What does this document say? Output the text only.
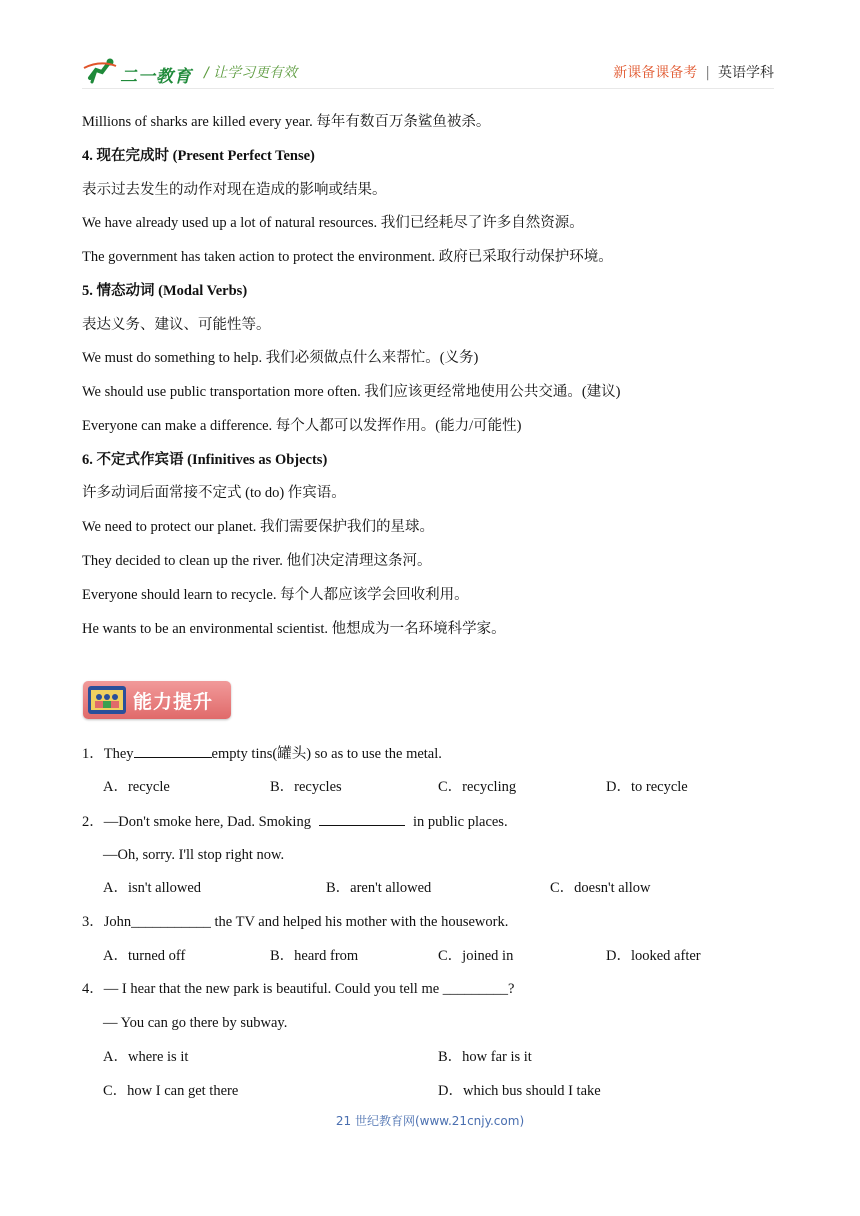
二一教育 / 让学习更有效	新课备课备考 | 英语学科
Millions of sharks are killed every year. 每年有数百万条鲨鱼被杀。
4. 现在完成时 (Present Perfect Tense)
表示过去发生的动作对现在造成的影响或结果。
We have already used up a lot of natural resources. 我们已经耗尽了许多自然资源。
The government has taken action to protect the environment. 政府已采取行动保护环境。
5. 情态动词 (Modal Verbs)
表达义务、建议、可能性等。
We must do something to help. 我们必须做点什么来帮忙。(义务)
We should use public transportation more often. 我们应该更经常地使用公共交通。(建议)
Everyone can make a difference. 每个人都可以发挥作用。(能力/可能性)
6. 不定式作宾语 (Infinitives as Objects)
许多动词后面常接不定式 (to do) 作宾语。
We need to protect our planet. 我们需要保护我们的星球。
They decided to clean up the river. 他们决定清理这条河。
Everyone should learn to recycle. 每个人都应该学会回收利用。
He wants to be an environmental scientist. 他想成为一名环境科学家。
能力提升
1．They	empty tins(罐头) so as to use the metal.
A．recycle	B．recycles	C．recycling	D．to recycle
2．—Don't smoke here, Dad. Smoking	in public places.
—Oh, sorry. I'll stop right now.
A．isn't allowed	B．aren't allowed	C．doesn't allow
3．John___________ the TV and helped his mother with the housework.
A．turned off	B．heard from	C．joined in	D．looked after
4．— I hear that the new park is beautiful. Could you tell me _________?
— You can go there by subway.
A．where is it	B．how far is it
C．how I can get there	D．which bus should I take
21 世纪教育网(www.21cnjy.com)
